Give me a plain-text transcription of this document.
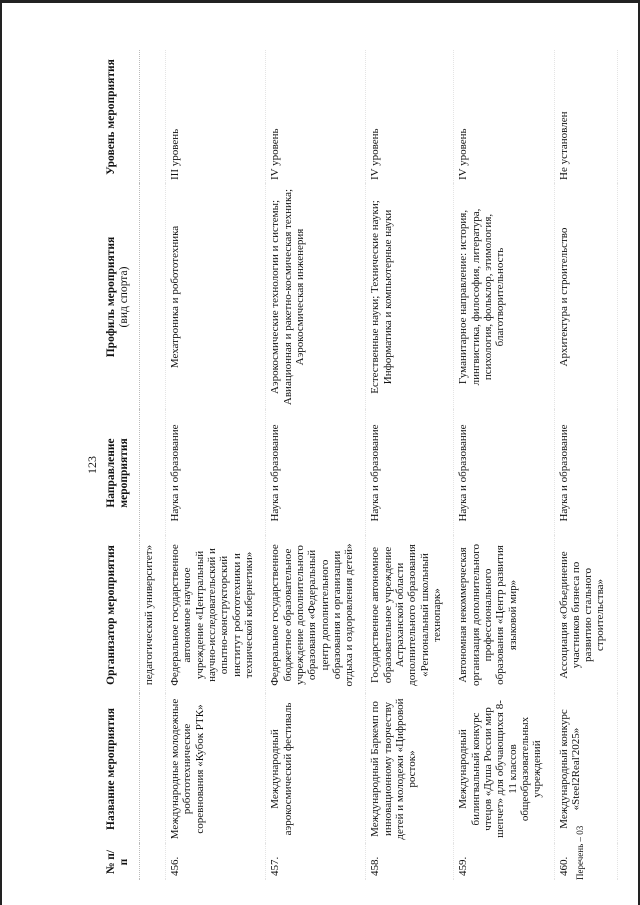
123
№ п/п	Название мероприятия	Организатор мероприятия	Направление мероприятия	Профиль мероприятия (вид спорта)	Уровень мероприятия
		педагогический университет»			
456.	Международные молодежные робототехнические соревнования «Кубок РТК»	Федеральное государственное автономное научное учреждение «Центральный научно-исследовательский и опытно-конструкторский институт робототехники и технической кибернетики»	Наука и образование	Мехатроника и робототехника	III уровень
457.	Международный аэрокосмический фестиваль	Федеральное государственное бюджетное образовательное учреждение дополнительного образования «Федеральный центр дополнительного образования и организации отдыха и оздоровления детей»	Наука и образование	Аэрокосмические технологии и системы; Авиационная и ракетно-космическая техника; Аэрокосмическая инженерия	IV уровень
458.	Международный Баркемп по инновационному творчеству детей и молодежи «Цифровой росток»	Государственное автономное образовательное учреждение Астраханской области дополнительного образования «Региональный школьный технопарк»	Наука и образование	Естественные науки; Технические науки; Информатика и компьютерные науки	IV уровень
459.	Международный билингвальный конкурс чтецов «Душа России мир шепчет» для обучающихся 8-11 классов общеобразовательных учреждений	Автономная некоммерческая организация дополнительного профессионального образования «Центр развития языковой мир»	Наука и образование	Гуманитарное направление: история, лингвистика, философия, литература, психология, фольклор, этимология, благотворительность	IV уровень
460.	Международный конкурс «Steel2Real'2025»	Ассоциация «Объединение участников бизнеса по развитию стального строительства»	Наука и образование	Архитектура и строительство	Не установлен
Перечень – 03
